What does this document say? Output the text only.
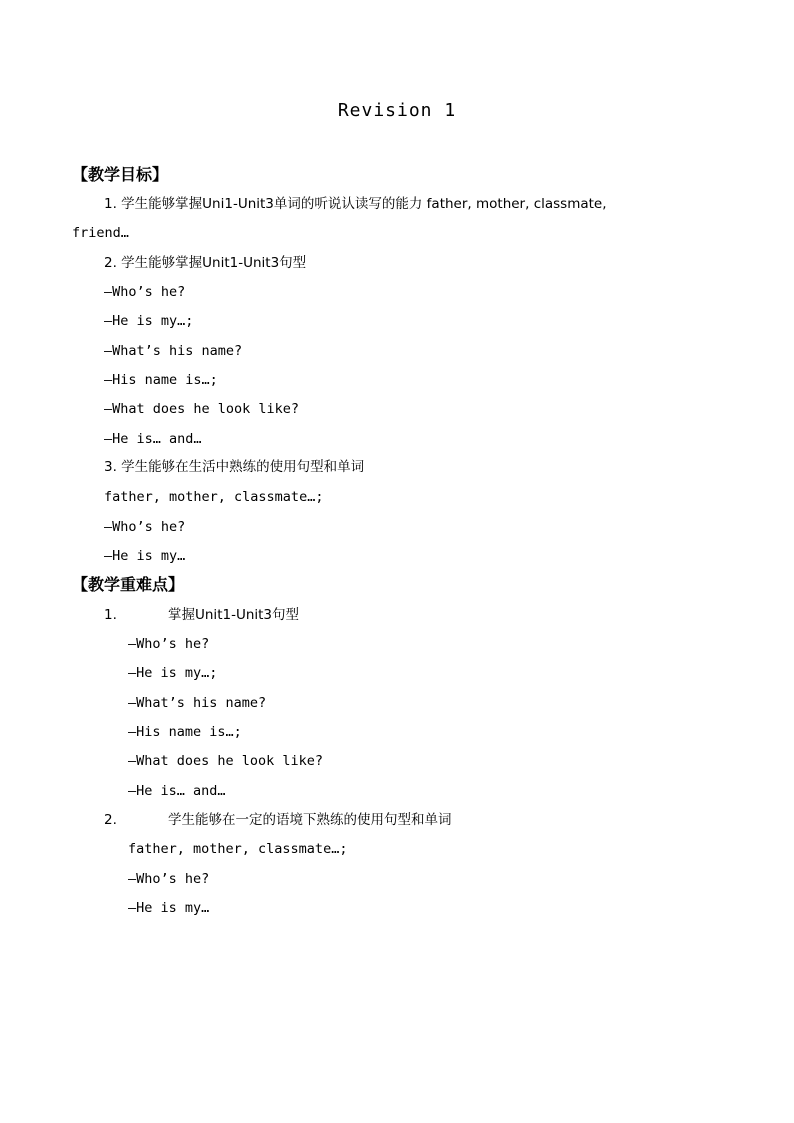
Revision 1
【教学目标】
1. 学生能够掌握Uni1-Unit3单词的听说认读写的能力 father, mother, classmate,
friend…
2. 学生能够掌握Unit1-Unit3句型
—Who’s he?
—He is my…;
—What’s his name?
—His name is…;
—What does he look like?
—He is… and…
3. 学生能够在生活中熟练的使用句型和单词
father, mother, classmate…;
—Who’s he?
—He is my…
【教学重难点】
1.	掌握Unit1-Unit3句型
—Who’s he?
—He is my…;
—What’s his name?
—His name is…;
—What does he look like?
—He is… and…
2.	学生能够在一定的语境下熟练的使用句型和单词
father, mother, classmate…;
—Who’s he?
—He is my…
